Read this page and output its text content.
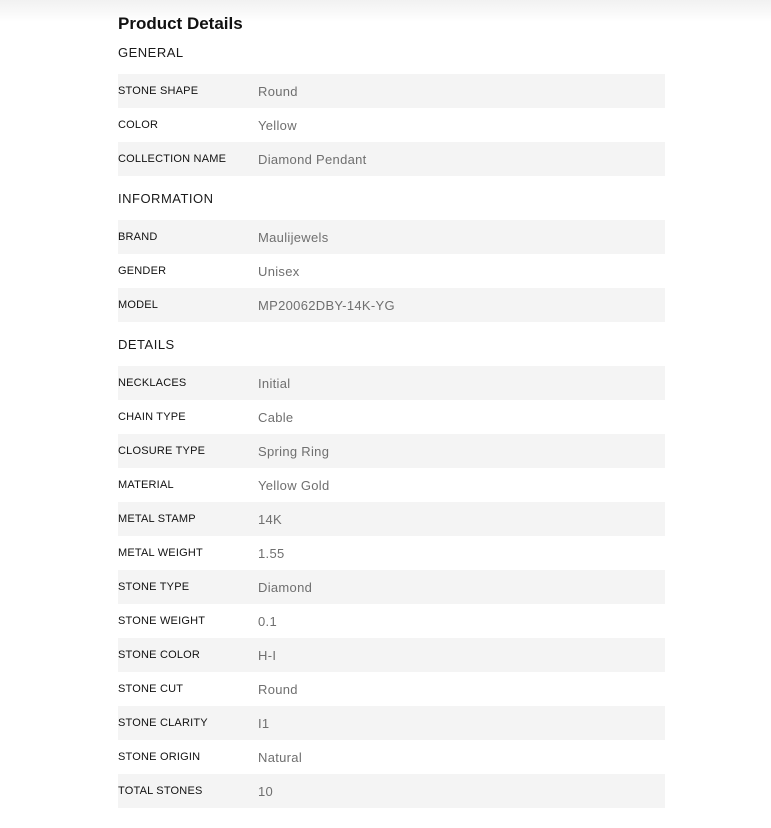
Product Details
GENERAL
STONE SHAPE	Round
COLOR	Yellow
COLLECTION NAME	Diamond Pendant
INFORMATION
BRAND	Maulijewels
GENDER	Unisex
MODEL	MP20062DBY-14K-YG
DETAILS
NECKLACES	Initial
CHAIN TYPE	Cable
CLOSURE TYPE	Spring Ring
MATERIAL	Yellow Gold
METAL STAMP	14K
METAL WEIGHT	1.55
STONE TYPE	Diamond
STONE WEIGHT	0.1
STONE COLOR	H-I
STONE CUT	Round
STONE CLARITY	I1
STONE ORIGIN	Natural
TOTAL STONES	10
